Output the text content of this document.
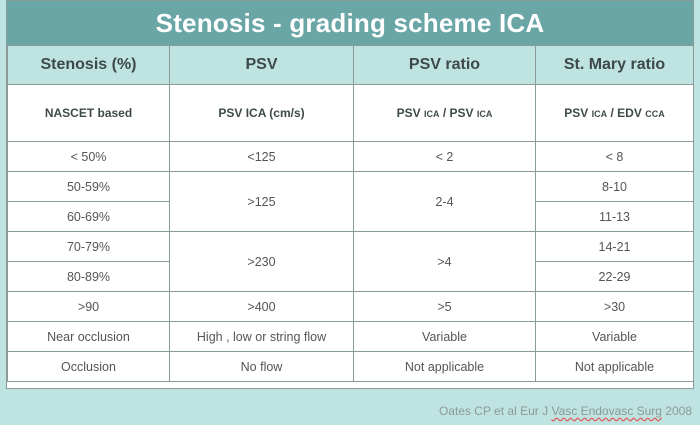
Stenosis - grading scheme ICA
Stenosis (%)	PSV	PSV ratio	St. Mary ratio
NASCET based	PSV ICA (cm/s)	PSV ICA / PSV ICA	PSV ICA / EDV CCA
< 50%	<125	< 2	< 8
50-59%	>125	2-4	8-10
60-69%			11-13
70-79%	>230	>4	14-21
80-89%			22-29
>90	>400	>5	>30
Near occlusion	High , low or string flow	Variable	Variable
Occlusion	No flow	Not applicable	Not applicable
Oates CP et al Eur J Vasc Endovasc Surg 2008
